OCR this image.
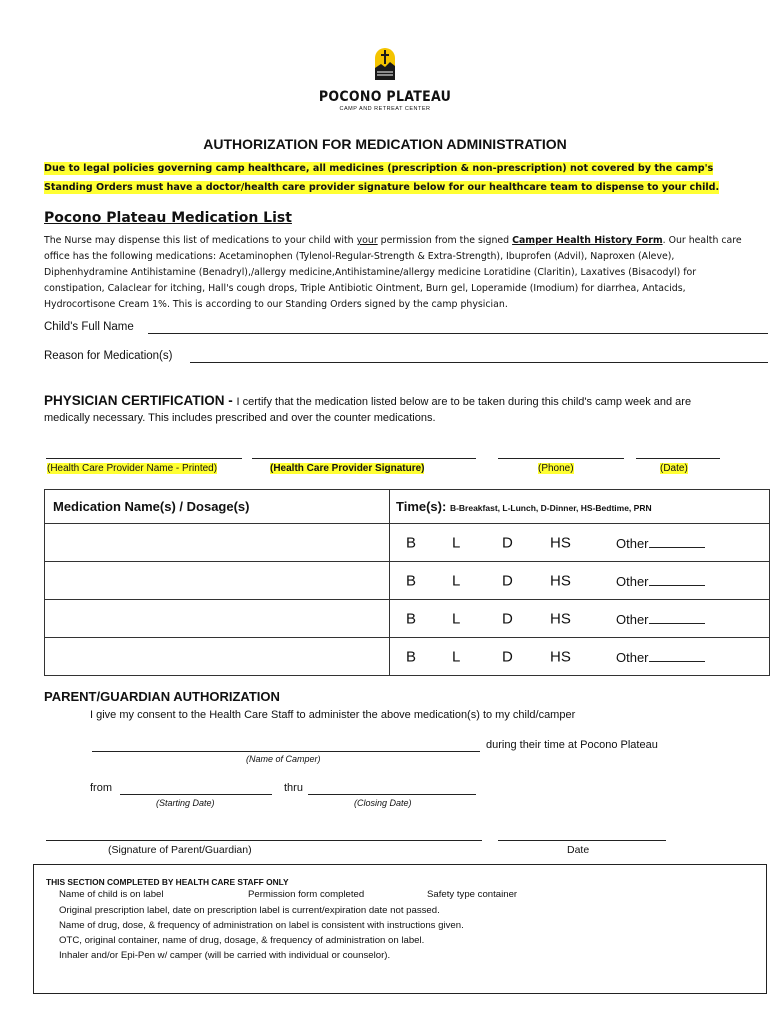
POCONO PLATEAU
CAMP AND RETREAT CENTER
AUTHORIZATION FOR MEDICATION ADMINISTRATION
Due to legal policies governing camp healthcare, all medicines (prescription & non-prescription) not covered by the camp's
Standing Orders must have a doctor/health care provider signature below for our healthcare team to dispense to your child.
Pocono Plateau Medication List
The Nurse may dispense this list of medications to your child with your permission from the signed Camper Health History Form. Our health care office has the following medications: Acetaminophen (Tylenol-Regular-Strength & Extra-Strength), Ibuprofen (Advil), Naproxen (Aleve), Diphenhydramine Antihistamine (Benadryl),/allergy medicine,Antihistamine/allergy medicine Loratidine (Claritin), Laxatives (Bisacodyl) for constipation, Calaclear for itching, Hall's cough drops, Triple Antibiotic Ointment, Burn gel, Loperamide (Imodium) for diarrhea, Antacids, Hydrocortisone Cream 1%. This is according to our Standing Orders signed by the camp physician.
Child's Full Name
Reason for Medication(s)
PHYSICIAN CERTIFICATION - I certify that the medication listed below are to be taken during this child's camp week and are medically necessary. This includes prescribed and over the counter medications.
(Health Care Provider Name - Printed)	(Health Care Provider Signature)	(Phone)	(Date)
Medication Name(s) / Dosage(s)	Time(s): B-Breakfast, L-Lunch, D-Dinner, HS-Bedtime, PRN

	B L D HS Other

	B L D HS Other

	B L D HS Other

	B L D HS Other
PARENT/GUARDIAN AUTHORIZATION
I give my consent to the Health Care Staff to administer the above medication(s) to my child/camper
during their time at Pocono Plateau
(Name of Camper)
from	thru
(Starting Date)	(Closing Date)
(Signature of Parent/Guardian)	Date
THIS SECTION COMPLETED BY HEALTH CARE STAFF ONLY
Name of child is on label	Permission form completed	Safety type container
Original prescription label, date on prescription label is current/expiration date not passed.
Name of drug, dose, & frequency of administration on label is consistent with instructions given.
OTC, original container, name of drug, dosage, & frequency of administration on label.
Inhaler and/or Epi-Pen w/ camper (will be carried with individual or counselor).
